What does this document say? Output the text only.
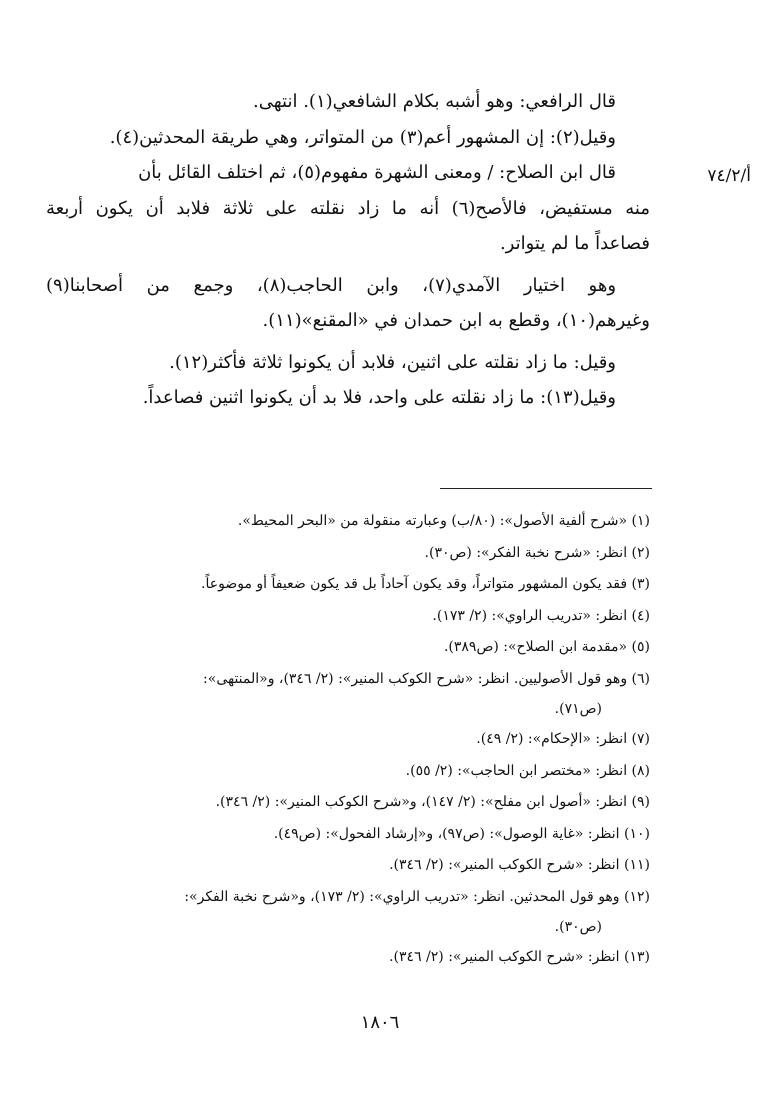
أ/٧٤/٢
قال الرافعي: وهو أشبه بكلام الشافعي(١). انتهى.
وقيل(٢): إن المشهور أعم(٣) من المتواتر، وهي طريقة المحدثين(٤).
قال ابن الصلاح: / ومعنى الشهرة مفهوم(٥)، ثم اختلف القائل بأن
منه مستفيض، فالأصح(٦) أنه ما زاد نقلته على ثلاثة فلابد أن يكون أربعة
فصاعداً ما لم يتواتر.
وهو اختيار الآمدي(٧)، وابن الحاجب(٨)، وجمع من أصحابنا(٩)
وغيرهم(١٠)، وقطع به ابن حمدان في «المقنع»(١١).
وقيل: ما زاد نقلته على اثنين، فلابد أن يكونوا ثلاثة فأكثر(١٢).
وقيل(١٣): ما زاد نقلته على واحد، فلا بد أن يكونوا اثنين فصاعداً.
(١) «شرح ألفية الأصول»: (٨٠/ب) وعبارته منقولة من «البحر المحيط».
(٢) انظر: «شرح نخبة الفكر»: (ص٣٠).
(٣) فقد يكون المشهور متواتراً، وقد يكون آحاداً بل قد يكون ضعيفاً أو موضوعاً.
(٤) انظر: «تدريب الراوي»: (٢/ ١٧٣).
(٥) «مقدمة ابن الصلاح»: (ص٣٨٩).
(٦) وهو قول الأصوليين. انظر: «شرح الكوكب المنير»: (٢/ ٣٤٦)، و«المنتهى»:
(ص٧١).
(٧) انظر: «الإحكام»: (٢/ ٤٩).
(٨) انظر: «مختصر ابن الحاجب»: (٢/ ٥٥).
(٩) انظر: «أصول ابن مفلح»: (٢/ ١٤٧)، و«شرح الكوكب المنير»: (٢/ ٣٤٦).
(١٠) انظر: «غاية الوصول»: (ص٩٧)، و«إرشاد الفحول»: (ص٤٩).
(١١) انظر: «شرح الكوكب المنير»: (٢/ ٣٤٦).
(١٢) وهو قول المحدثين. انظر: «تدريب الراوي»: (٢/ ١٧٣)، و«شرح نخبة الفكر»:
(ص٣٠).
(١٣) انظر: «شرح الكوكب المنير»: (٢/ ٣٤٦).
١٨٠٦
